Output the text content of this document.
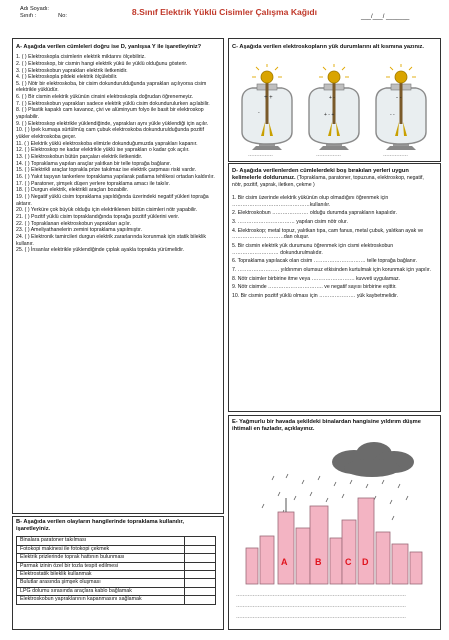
Adı Soyadı:
Sınıfı :	No:	8.Sınıf Elektrik Yüklü Cisimler Çalışma Kağıdı	___/___/ _______
A- Aşağıda verilen cümleleri doğru ise D, yanlışsa Y ile işaretleyiniz?
1. ( ) Elektroskopla cisimlerin elektrik miktarını ölçebiliriz.
2. ( ) Elektroskop, bir cismin hangi elektrik yükü ile yüklü olduğunu gösterir.
3. ( ) Elektroskobun yaprakları elektrik iletkenidir.
4. ( ) Elektroskopla pildeki elektrik ölçülebilir.
5. ( ) Nötr bir elektroskoba, bir cisim dokundurulduğunda yaprakları açılıyorsa cisim elektrikle yüklüdür.
6. ( ) Bir cismin elektrik yükünün cinsini elektroskopla doğrudan öğrenemeyiz.
7. ( ) Elektroskobun yaprakları sadece elektrik yüklü cisim dokundurulurken açılabilir.
8. ( ) Plastik kapaklı cam kavanoz, çivi ve alüminyum folyo ile basit bir elektroskop yapılabilir.
9. ( ) Elektroskop elektrikle yüklendiğinde, yaprakları aynı yükle yüklendiği için açılır.
10. ( ) İpek kumaşa sürtülmüş cam çubuk elektroskoba dokundurulduğunda pozitif yükler elektroskoba geçer.
11. ( ) Elektrik yüklü elektroskoba elimizle dokunduğumuzda yaprakları kapanır.
12. ( ) Elektroskop ne kadar elektrikle yüklü ise yaprakları o kadar çok açılır.
13. ( ) Elektroskobun bütün parçaları elektrik iletkenidir.
14. ( ) Topraklama yapılan araçlar yalıtkan bir telle toprağa bağlanır.
15. ( ) Elektrikli araçlar toprakla prize takılmaz ise elektrik çarpması riski vardır.
16. ( ) Yakıt taşıyan tankerlere topraklama yapılarak patlama tehlikesi ortadan kaldırılır.
17. ( ) Paratoner, şimşek düşen yerlere topraklama amacı ile takılır.
18. ( ) Durgun elektrik, elektrikli araçları bozabilir.
19. ( ) Negatif yüklü cisim topraklama yapıldığında üzerindeki negatif yükleri toprağa aktarır.
20. ( ) Yerküre çok büyük olduğu için elektriklenen bütün cisimleri nötr yapabilir.
21. ( ) Pozitif yüklü cisim topraklandığında toprağa pozitif yüklerini verir.
22. ( ) Topraklanan elektroskobun yaprakları açılır.
23. ( ) Ameliyathanelerin zemini topraklama yapılmıştır.
24. ( ) Elektronik tamircileri durgun elektrik zararlarında korunmak için statik bileklik kullanır.
25. ( ) İnsanlar elektrikle yüklendiğinde çıplak ayakla toprakta yürümelidir.
B- Aşağıda verilen olayların hangilerinde topraklama kullanılır, işaretleyiniz.
Binalara paratoner takılması	
Fotokopi makinesi ile fotokopi çekmek	
Elektrik prizlerinde toprak hattının bulunması	
Parmak izinin özel bir tozla tespit edilmesi	
Elektrostatik bileklik kullanmak	
Bulutlar arasında şimşek oluşması	
LPG dolumu sırasında araçlara kablo bağlamak	
Elektroskobun yapraklarının kapanmasını sağlamak	
C- Aşağıda verilen elektroskopların yük durumlarını alt kısmına yazınız.
+ +
-
+ -
+ - +
- -
- -
……………	……………	……………
D- Aşağıda verilenlerden cümlelerdeki boş bırakılan yerleri uygun kelimelerle doldurunuz. (Topraklama, paratoner, topuzuna, elektroskop, negatif, nötr, pozitif, yaprak, iletken, çekme )
1. Bir cisim üzerinde elektrik yükünün olup olmadığını öğrenmek için ………………………………………kullanılır.
2. Elektroskobun ………………… olduğu durumda yaprakların kapalıdır.
3. …………………………… yapılan cisim nötr olur.
4. Elektroskop; metal topuz, yalıtkan tıpa, cam fanus, metal çubuk, yalıtkan ayak ve …………………………dan oluşur.
5. Bir cismin elektrik yük durumunu öğrenmek için cismi elektroskobun ……………………… dokundurulmalıdır.
6. Topraklama yapılacak olan cisim ………………………… telle toprağa bağlanır.
7. …………………… yıldırımın olumsuz etkisinden kurtulmak için korunmak için yapılır.
8. Nötr cisimler birbirine itme veya ……………………. kuvveti uygulamaz.
9. Nötr cisimde ………………………….. ve negatif sayısı birbirine eşittir.
10. Bir cismin pozitif yüklü olması için ………………… yük kaybetmelidir.
E- Yağmurlu bir havada şekildeki binalardan hangisine yıldırım düşme ihtimali en fazladır, açıklayınız.
A	B	C D
…………………………………………………………………………………………
…………………………………………………………………………………………
…………………………………………………………………………………………
